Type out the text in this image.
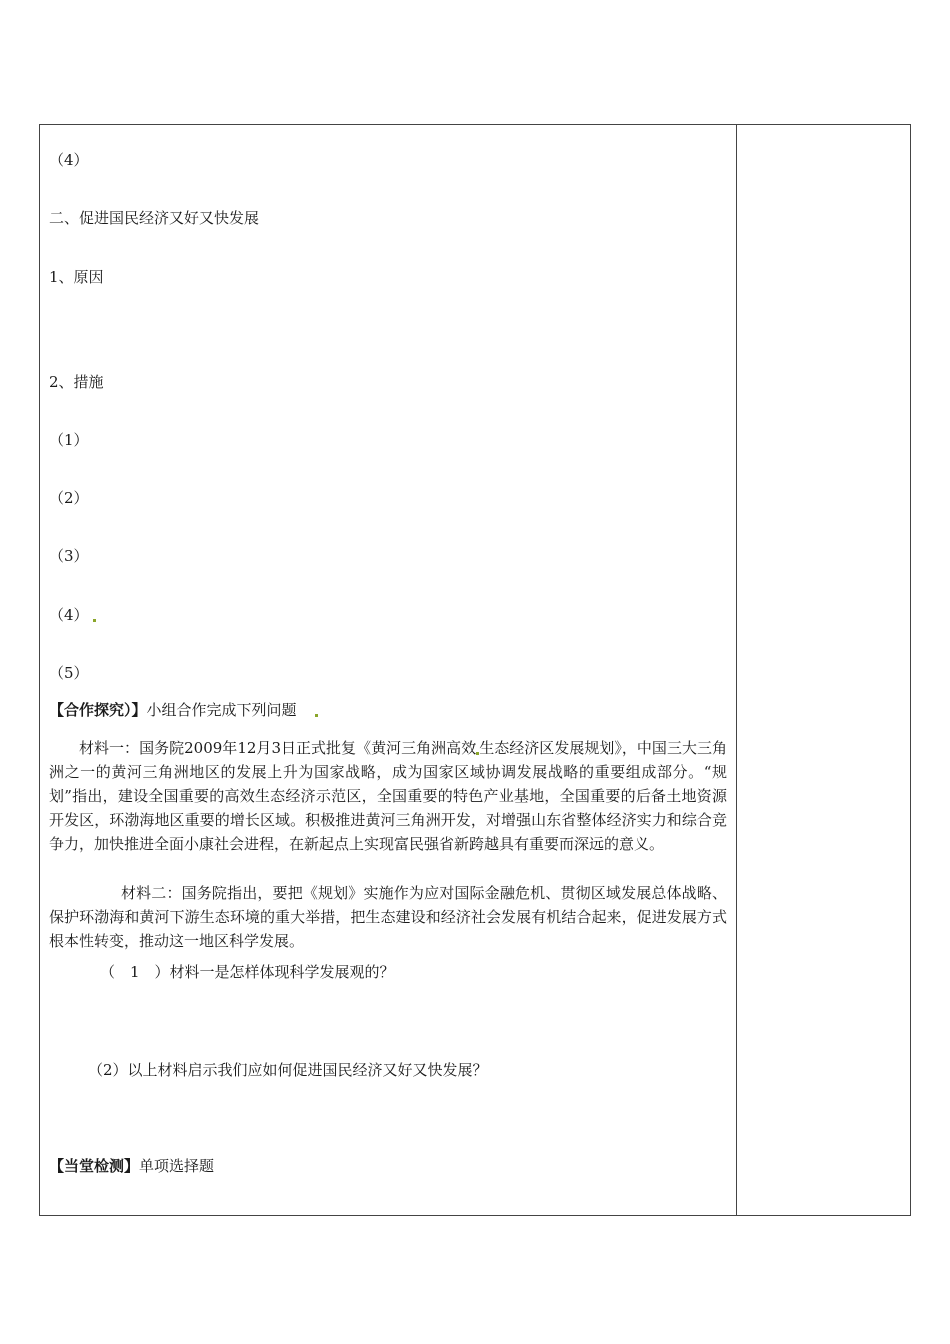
（4）
二、促进国民经济又好又快发展
1、原因
2、措施
（1）
（2）
（3）
（4）
（5）
【合作探究）】小组合作完成下列问题
材料一：国务院2009年12月3日正式批复《黄河三角洲高效 生态经济区发展规划》，中国三大三角洲之一的黄河三角洲地区的发展上升为国家战略，成为国家区域协调发展战略的重要组成部分。“规划”指出，建设全国重要的高效生态经济示范区，全国重要的特色产业基地，全国重要的后备土地资源开发区，环渤海地区重要的增长区域。积极推进黄河三角洲开发，对增强山东省整体经济实力和综合竞争力，加快推进全面小康社会进程，在新起点上实现富民强省新跨越具有重要而深远的意义。
材料二：国务院指出，要把《规划》实施作为应对国际金融危机、贯彻区域发展总体战略、保护环渤海和黄河下游生态环境的重大举措，把生态建设和经济社会发展有机结合起来，促进发展方式根本性转变，推动这一地区科学发展。
（　1　）材料一是怎样体现科学发展观的？
（2）以上材料启示我们应如何促进国民经济又好又快发展？
【当堂检测】单项选择题
